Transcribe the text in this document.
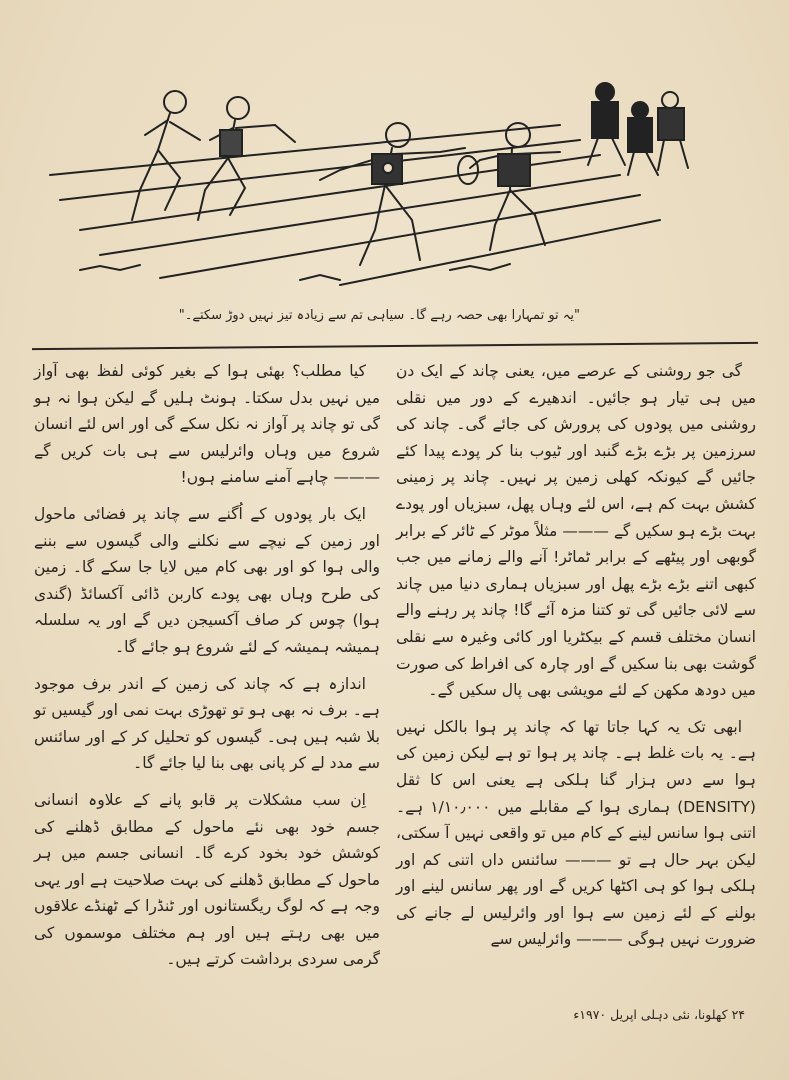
"یہ تو تمہارا بھی حصہ رہے گا۔ سیاہی تم سے زیادہ تیز نہیں دوڑ سکتے۔"

گی جو روشنی کے عرصے میں، یعنی چاند کے ایک دن میں ہی تیار ہو جائیں۔ اندھیرے کے دور میں نقلی روشنی میں پودوں کی پرورش کی جائے گی۔ چاند کی سرزمین پر بڑے بڑے گنبد اور ٹیوب بنا کر پودے پیدا کئے جائیں گے کیونکہ کھلی زمین پر نہیں۔ چاند پر زمینی کشش بہت کم ہے، اس لئے وہاں پھل، سبزیاں اور پودے بہت بڑے ہو سکیں گے ——— مثلاً موٹر کے ٹائر کے برابر گوبھی اور پیٹھے کے برابر ٹماٹر! آنے والے زمانے میں جب کبھی اتنے بڑے بڑے پھل اور سبزیاں ہماری دنیا میں چاند سے لائی جائیں گی تو کتنا مزہ آئے گا! چاند پر رہنے والے انسان مختلف قسم کے بیکٹریا اور کائی وغیرہ سے نقلی گوشت بھی بنا سکیں گے اور چارہ کی افراط کی صورت میں دودھ مکھن کے لئے مویشی بھی پال سکیں گے۔

ابھی تک یہ کہا جاتا تھا کہ چاند پر ہوا بالکل نہیں ہے۔ یہ بات غلط ہے۔ چاند پر ہوا تو ہے لیکن زمین کی ہوا سے دس ہزار گنا ہلکی ہے یعنی اس کا ثقل (DENSITY) ہماری ہوا کے مقابلے میں ۱/۱۰٫۰۰۰ ہے۔ اتنی ہوا سانس لینے کے کام میں تو واقعی نہیں آ سکتی، لیکن بہر حال ہے تو ——— سائنس داں اتنی کم اور ہلکی ہوا کو ہی اکٹھا کریں گے اور پھر سانس لینے اور بولنے کے لئے زمین سے ہوا اور وائرلیس لے جانے کی ضرورت نہیں ہوگی ——— وائرلیس سے

کیا مطلب؟ بھئی ہوا کے بغیر کوئی لفظ بھی آواز میں نہیں بدل سکتا۔ ہونٹ ہلیں گے لیکن ہوا نہ ہو گی تو چاند پر آواز نہ نکل سکے گی اور اس لئے انسان شروع میں وہاں وائرلیس سے ہی بات کریں گے ——— چاہے آمنے سامنے ہوں!

ایک بار پودوں کے اُگنے سے چاند پر فضائی ماحول اور زمین کے نیچے سے نکلنے والی گیسوں سے بننے والی ہوا کو اور بھی کام میں لایا جا سکے گا۔ زمین کی طرح وہاں بھی پودے کاربن ڈائی آکسائڈ (گندی ہوا) چوس کر صاف آکسیجن دیں گے اور یہ سلسلہ ہمیشہ ہمیشہ کے لئے شروع ہو جائے گا۔

اندازہ ہے کہ چاند کی زمین کے اندر برف موجود ہے۔ برف نہ بھی ہو تو تھوڑی بہت نمی اور گیسیں تو بلا شبہ ہیں ہی۔ گیسوں کو تحلیل کر کے اور سائنس سے مدد لے کر پانی بھی بنا لیا جائے گا۔

اِن سب مشکلات پر قابو پانے کے علاوہ انسانی جسم خود بھی نئے ماحول کے مطابق ڈھلنے کی کوشش خود بخود کرے گا۔ انسانی جسم میں ہر ماحول کے مطابق ڈھلنے کی بہت صلاحیت ہے اور یہی وجہ ہے کہ لوگ ریگستانوں اور ٹنڈرا کے ٹھنڈے علاقوں میں بھی رہتے ہیں اور ہم مختلف موسموں کی گرمی سردی برداشت کرتے ہیں۔

۲۴ کھلونا، نئی دہلی اپریل ۱۹۷۰ء
